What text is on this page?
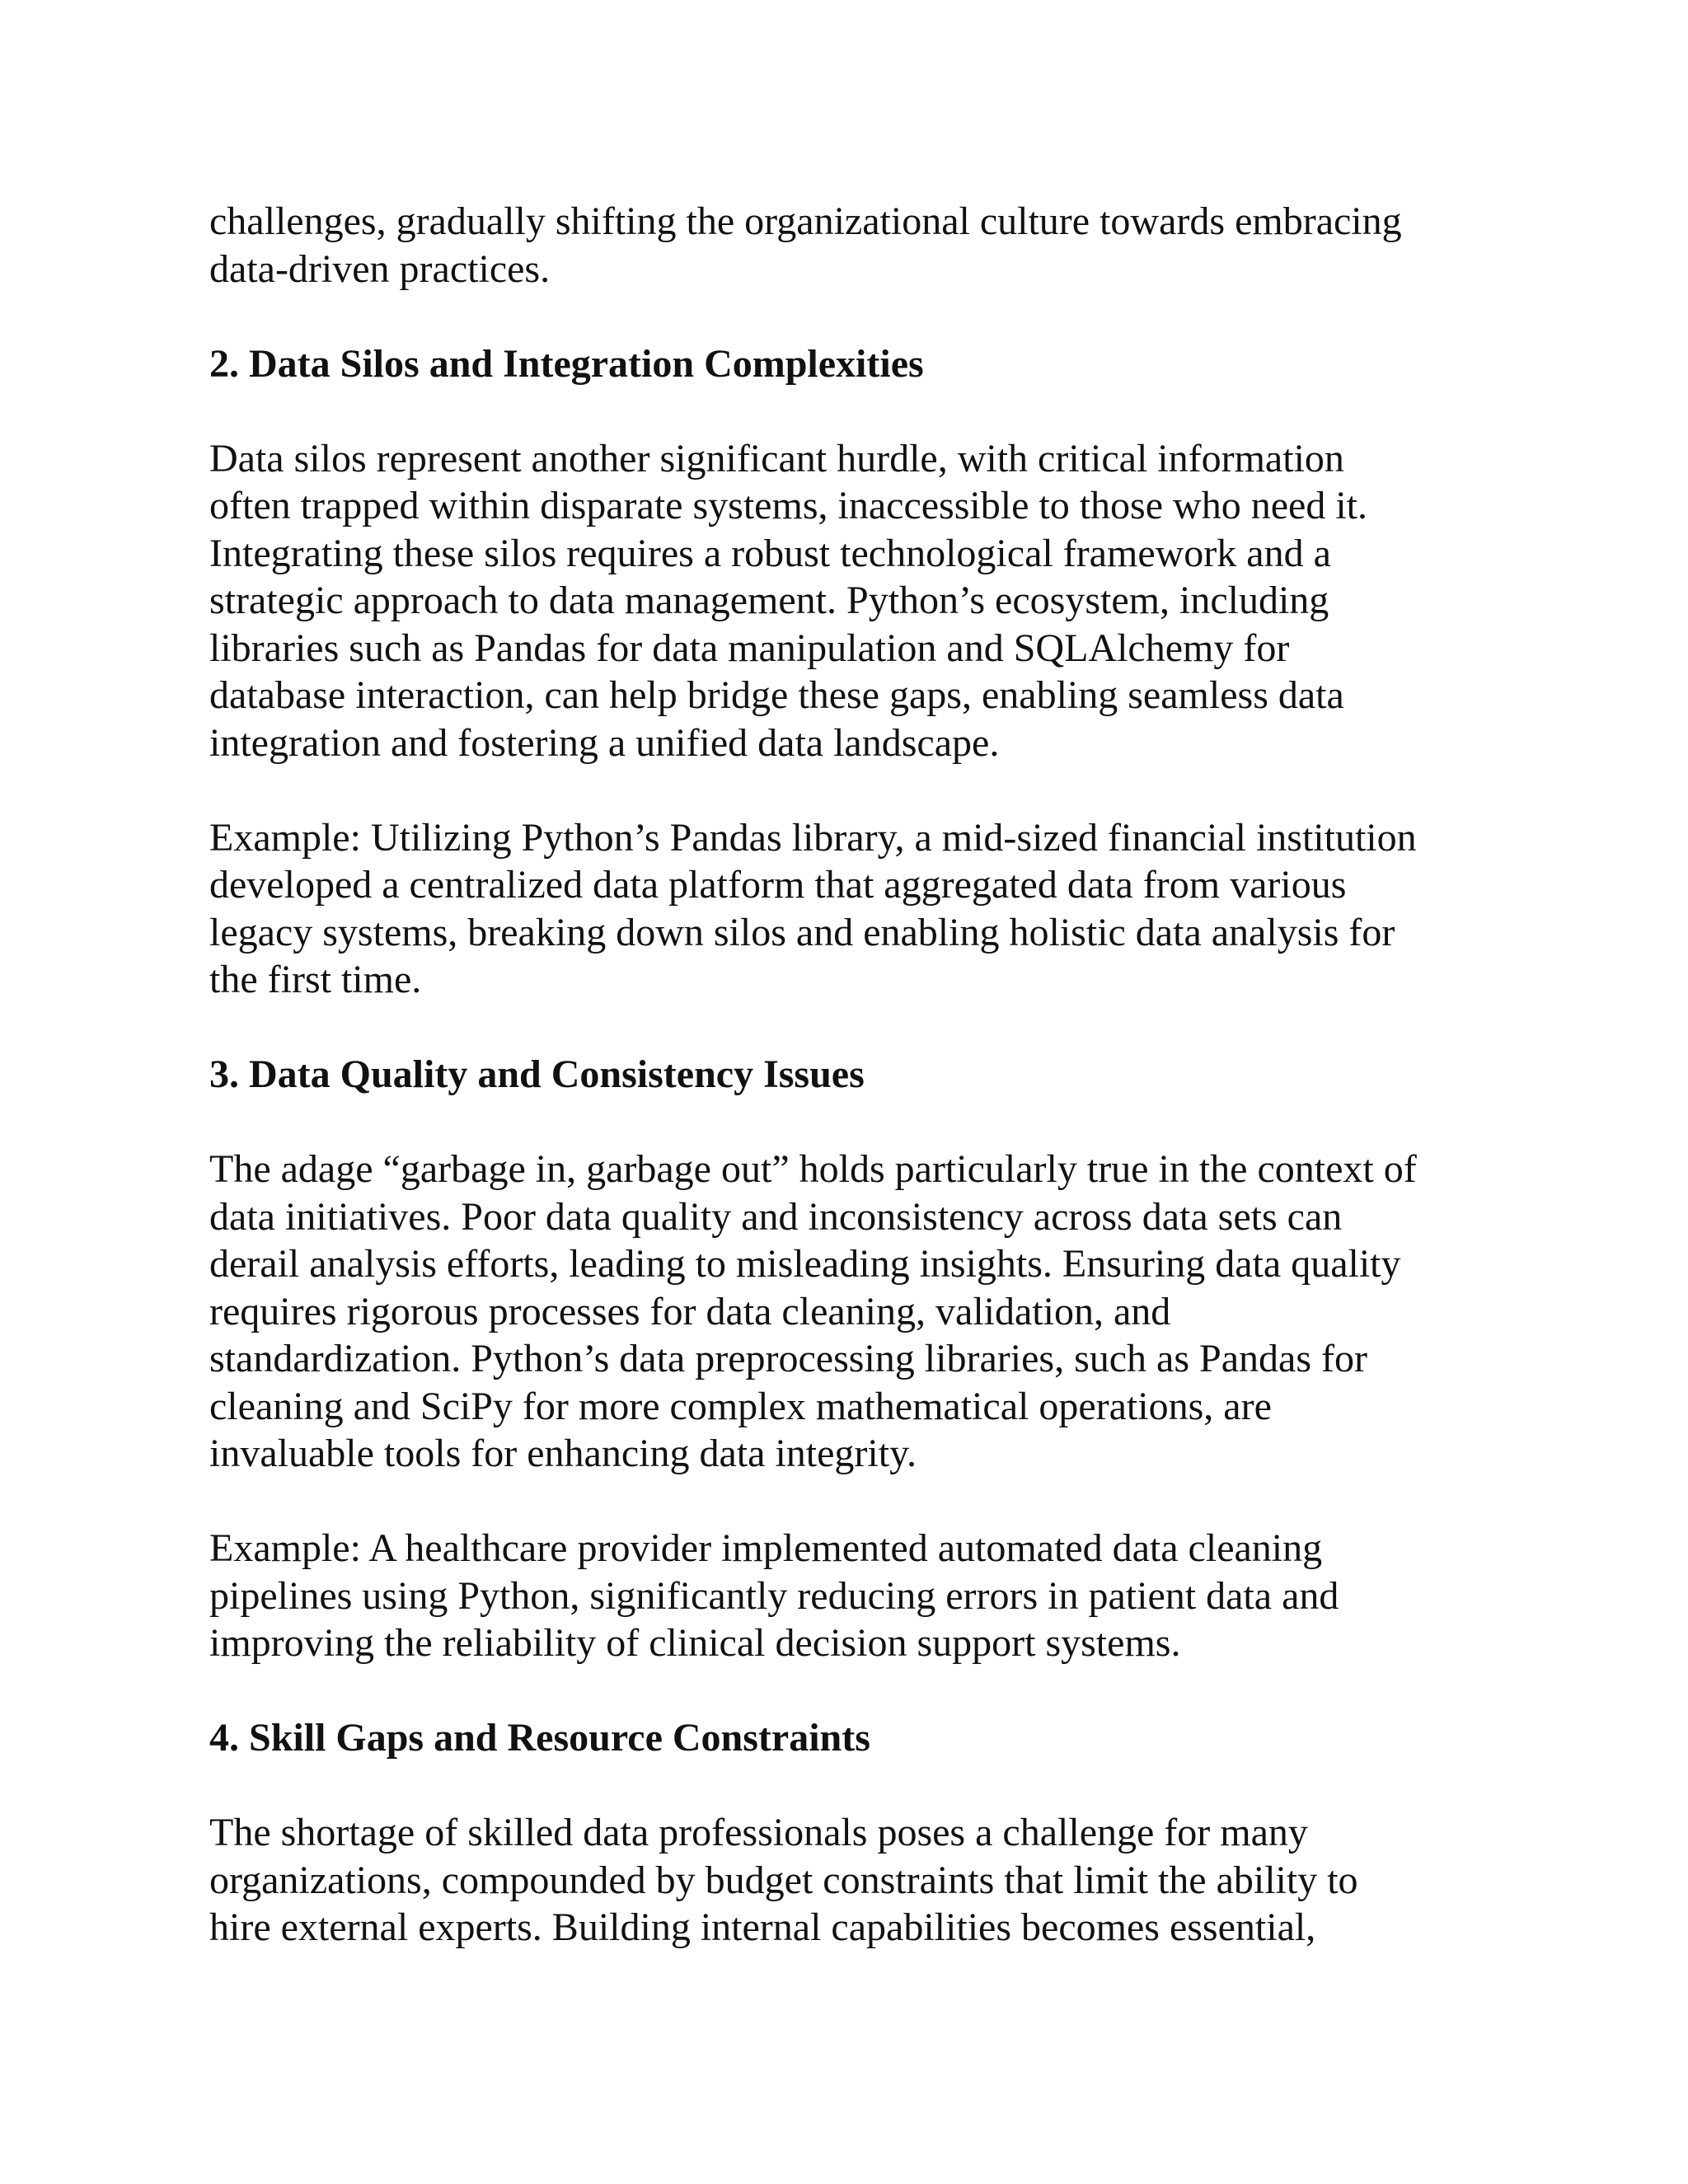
challenges, gradually shifting the organizational culture towards embracing
data-driven practices.

2. Data Silos and Integration Complexities

Data silos represent another significant hurdle, with critical information
often trapped within disparate systems, inaccessible to those who need it.
Integrating these silos requires a robust technological framework and a
strategic approach to data management. Python’s ecosystem, including
libraries such as Pandas for data manipulation and SQLAlchemy for
database interaction, can help bridge these gaps, enabling seamless data
integration and fostering a unified data landscape.

Example: Utilizing Python’s Pandas library, a mid-sized financial institution
developed a centralized data platform that aggregated data from various
legacy systems, breaking down silos and enabling holistic data analysis for
the first time.

3. Data Quality and Consistency Issues

The adage “garbage in, garbage out” holds particularly true in the context of
data initiatives. Poor data quality and inconsistency across data sets can
derail analysis efforts, leading to misleading insights. Ensuring data quality
requires rigorous processes for data cleaning, validation, and
standardization. Python’s data preprocessing libraries, such as Pandas for
cleaning and SciPy for more complex mathematical operations, are
invaluable tools for enhancing data integrity.

Example: A healthcare provider implemented automated data cleaning
pipelines using Python, significantly reducing errors in patient data and
improving the reliability of clinical decision support systems.

4. Skill Gaps and Resource Constraints

The shortage of skilled data professionals poses a challenge for many
organizations, compounded by budget constraints that limit the ability to
hire external experts. Building internal capabilities becomes essential,
